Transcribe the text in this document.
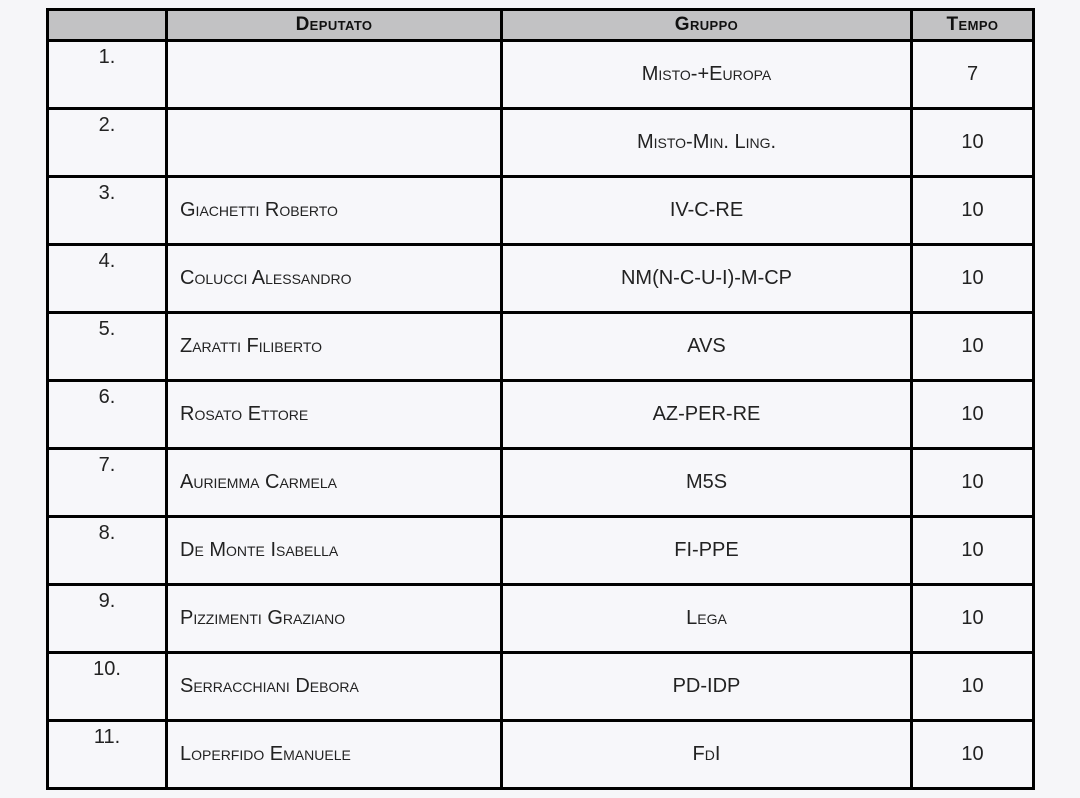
	Deputato	Gruppo	Tempo
1.		Misto-+Europa	7
2.		Misto-Min. Ling.	10
3.	Giachetti Roberto	IV-C-RE	10
4.	Colucci Alessandro	NM(N-C-U-I)-M-CP	10
5.	Zaratti Filiberto	AVS	10
6.	Rosato Ettore	AZ-PER-RE	10
7.	Auriemma Carmela	M5S	10
8.	De Monte Isabella	FI-PPE	10
9.	Pizzimenti Graziano	Lega	10
10.	Serracchiani Debora	PD-IDP	10
11.	Loperfido Emanuele	FdI	10
